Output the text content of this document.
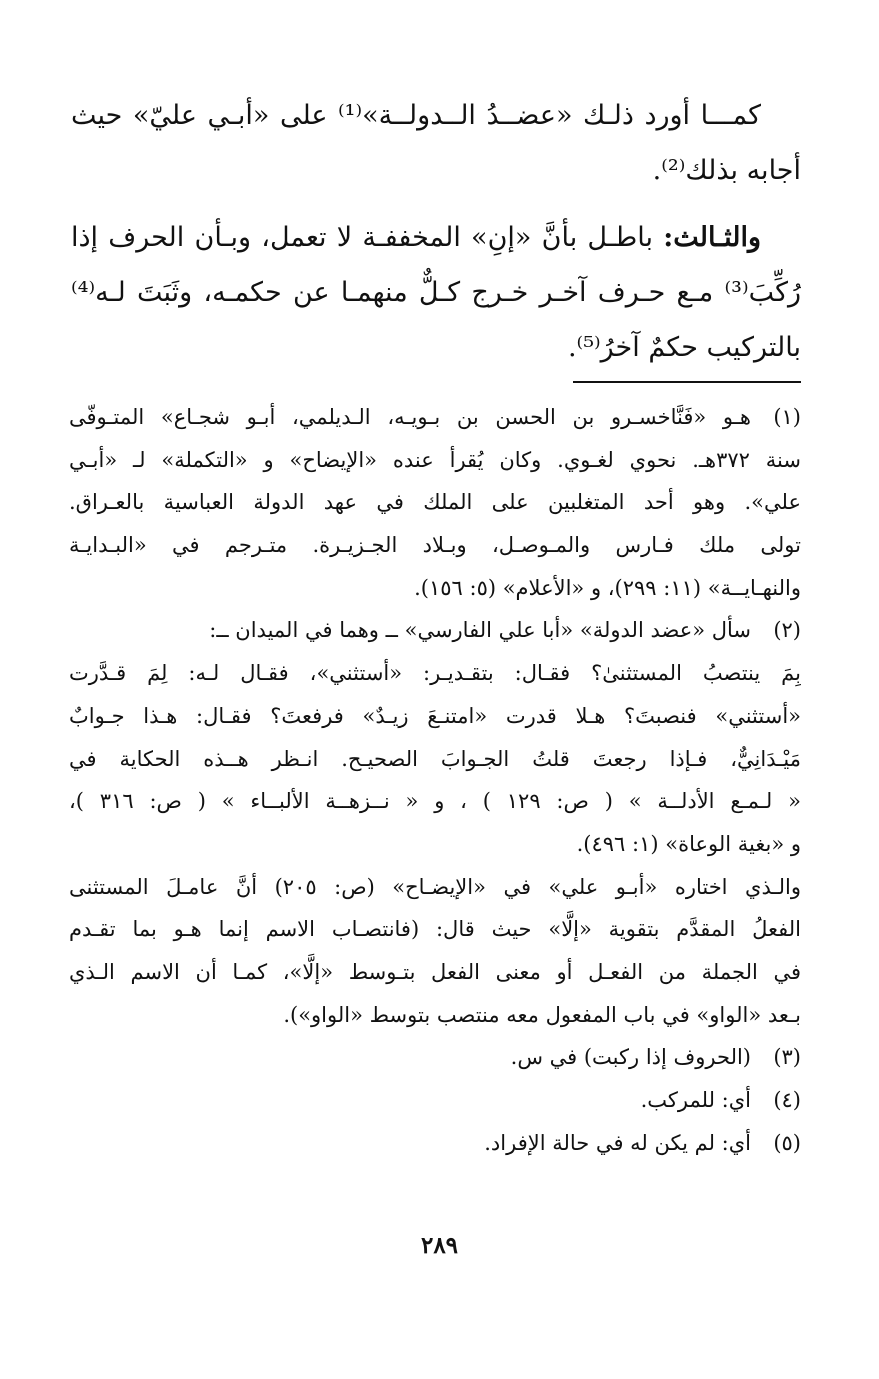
كمـــا أورد ذلـك «عضــدُ الــدولــة»⁽¹⁾ على «أبـي عليّ» حيث
أجابه بذلك⁽²⁾.
والثـالث: باطـل بأنَّ «إنِ» المخففـة لا تعمل، وبـأن الحرف إذا
رُكِّبَ⁽³⁾ مـع حـرف آخـر خـرج كـلٌّ منهمـا عن حكمـه، وثَبَتَ لـه⁽⁴⁾
بالتركيب حكمٌ آخرُ⁽⁵⁾.
(١)
هـو «فَنَّاخسـرو بن الحسن بن بـويـه، الـديلمي، أبـو شجـاع» المتـوفّى
سنة ٣٧٢هـ. نحوي لغـوي. وكان يُقرأ عنده «الإيضاح» و «التكملة» لـ «أبـي
علي». وهو أحد المتغلبين على الملك في عهد الدولة العباسية بالعـراق.
تولى ملك فـارس والمـوصـل، وبـلاد الجـزيـرة. متـرجم في «البـدايـة
والنهـايــة» (١١: ٢٩٩)، و «الأعلام» (٥: ١٥٦).
(٢)
سأل «عضد الدولة» «أبا علي الفارسي» ــ وهما في الميدان ــ:
بِمَ ينتصبُ المستثنىٰ؟ فقـال: بتقـديـر: «أستثني»، فقـال لـه: لِمَ قـدَّرت
«أستثني» فنصبتَ؟ هـلا قدرت «امتنـعَ زيـدٌ» فرفعتَ؟ فقـال: هـذا جـوابٌ
مَيْـدَانِيٌّ، فـإذا رجعتَ قلتُ الجـوابَ الصحيـح. انـظر هــذه الحكاية في
« لـمـع الأدلــة » ( ص: ١٢٩ ) ، و « نــزهــة الألبــاء » ( ص: ٣١٦ )،
و «بغية الوعاة» (١: ٤٩٦).
والـذي اختاره «أبـو علي» في «الإيضـاح» (ص: ٢٠٥) أنَّ عامـلَ المستثنى
الفعلُ المقدَّم بتقوية «إلَّا» حيث قال: (فانتصـاب الاسم إنما هـو بما تقـدم
في الجملة من الفعـل أو معنى الفعل بتـوسط «إلَّا»، كمـا أن الاسم الـذي
بـعد «الواو» في باب المفعول معه منتصب بتوسط «الواو»).
(٣)
(الحروف إذا ركبت) في س.
(٤)
أي: للمركب.
(٥)
أي: لم يكن له في حالة الإفراد.
٢٨٩
